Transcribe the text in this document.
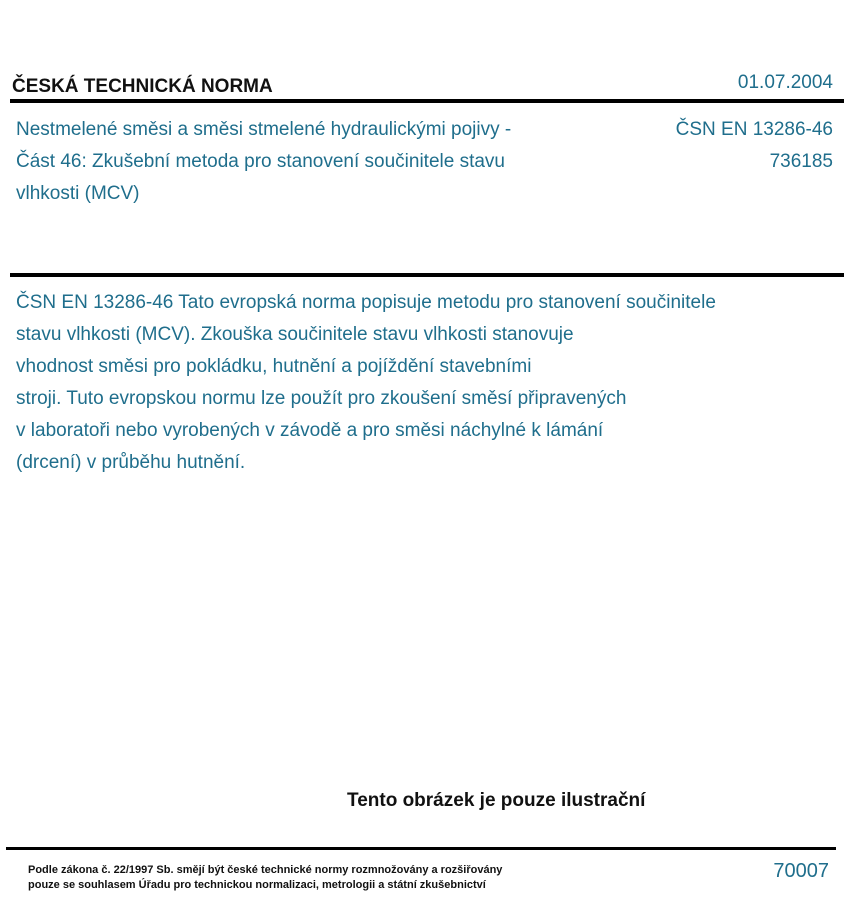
ČESKÁ TECHNICKÁ NORMA	01.07.2004
Nestmelené směsi a směsi stmelené hydraulickými pojivy - Část 46: Zkušební metoda pro stanovení součinitele stavu vlhkosti (MCV)
ČSN EN 13286-46
736185
ČSN EN 13286-46 Tato evropská norma popisuje metodu pro stanovení součinitele
stavu vlhkosti (MCV). Zkouška součinitele stavu vlhkosti stanovuje
vhodnost směsi pro pokládku, hutnění a pojíždění stavebními
stroji. Tuto evropskou normu lze použít pro zkoušení směsí připravených
v laboratoři nebo vyrobených v závodě a pro směsi náchylné k lámání
(drcení) v průběhu hutnění.
Tento obrázek je pouze ilustrační
Podle zákona č. 22/1997 Sb. smějí být české technické normy rozmnožovány a rozšiřovány
pouze se souhlasem Úřadu pro technickou normalizaci, metrologii a státní zkušebnictví
70007
